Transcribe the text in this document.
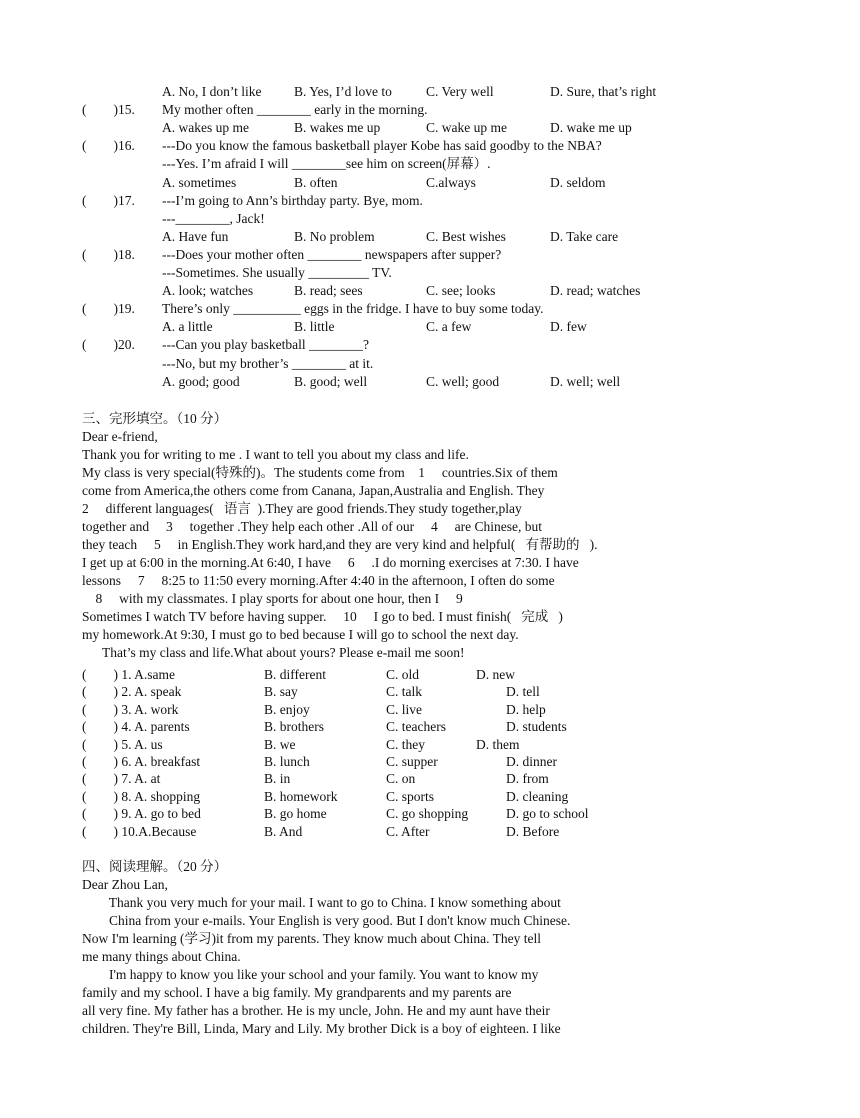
A. No, I don’t like B. Yes, I’d love to	C. Very well	D. Sure, that’s right
(        )15. My mother often ________ early in the morning.
A. wakes up me	B. wakes me up	C. wake up me	D. wake me up
(        )16. ---Do you know the famous basketball player Kobe has said goodby to the NBA?
---Yes. I’m afraid I will ________see him on screen(屏幕）.
A. sometimes	B. often	C.always	D. seldom
(        )17. ---I’m going to Ann’s birthday party. Bye, mom.
---________, Jack!
A. Have fun	B. No problem	C. Best wishes	D. Take care
(        )18. ---Does your mother often ________ newspapers after supper?
---Sometimes. She usually _________ TV.
A. look; watches	B. read; sees	C. see; looks	D. read; watches
(        )19. There’s only __________ eggs in the fridge. I have to buy some today.
A. a little	B. little	C. a few	D. few
(        )20. ---Can you play basketball ________?
---No, but my brother’s ________ at it.
A. good; good	B. good; well	C. well; good	D. well; well
三、完形填空。（10 分）
Dear e-friend,
Thank you for writing to me . I want to tell you about my class and life.
My class is very special(特殊的)。The students come from    1     countries.Six of them
come from America,the others come from Canana, Japan,Australia and English. They
2     different languages(   语言  ).They are good friends.They study together,play
together and     3     together .They help each other .All of our     4     are Chinese, but
they teach     5     in English.They work hard,and they are very kind and helpful(   有帮助的   ).
I get up at 6:00 in the morning.At 6:40, I have     6     .I do morning exercises at 7:30. I have
lessons     7     8:25 to 11:50 every morning.After 4:40 in the afternoon, I often do some
8     with my classmates. I play sports for about one hour, then I     9
Sometimes I watch TV before having supper.     10     I go to bed. I must finish(   完成   )
my homework.At 9:30, I must go to bed because I will go to school the next day.
That’s my class and life.What about yours? Please e-mail me soon!
(        ) 1. A.same	B. different	C. old	D. new
(        ) 2. A. speak	B. say	C. talk	D. tell
(        ) 3. A. work	B. enjoy	C. live	D. help
(        ) 4. A. parents	B. brothers	C. teachers	D. students
(        ) 5. A. us	B. we	C. they	D. them
(        ) 6. A. breakfast	B. lunch	C. supper	D. dinner
(        ) 7. A. at	B. in	C. on	D. from
(        ) 8. A. shopping	B. homework	C. sports	D. cleaning
(        ) 9. A. go to bed	B. go home	C. go shopping	D. go to school
(        ) 10.A.Because	B. And	C. After	D. Before
四、阅读理解。（20 分）
Dear Zhou Lan,
Thank you very much for your mail. I want to go to China. I know something about
China from your e-mails. Your English is very good. But I don't know much Chinese.
Now I'm learning (学习)it from my parents. They know much about China. They tell
me many things about China.
I'm happy to know you like your school and your family. You want to know my
family and my school. I have a big family. My grandparents and my parents are
all very fine. My father has a brother. He is my uncle, John. He and my aunt have their
children. They're Bill, Linda, Mary and Lily. My brother Dick is a boy of eighteen. I like
